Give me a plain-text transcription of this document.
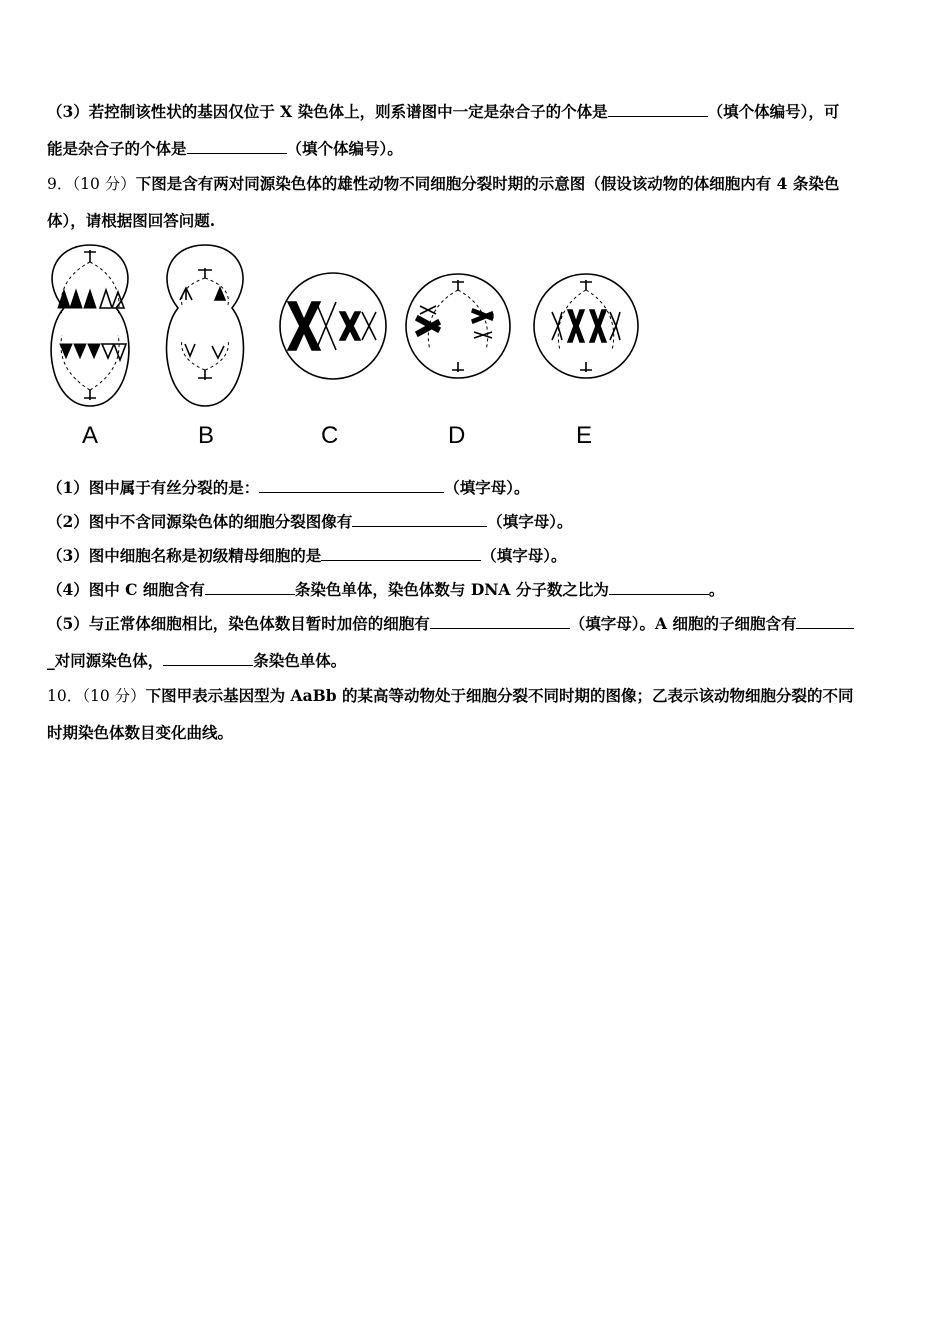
（3）若控制该性状的基因仅位于 X 染色体上，则系谱图中一定是杂合子的个体是	（填个体编号），可
能是杂合子的个体是	（填个体编号）。
9．（10 分）下图是含有两对同源染色体的雄性动物不同细胞分裂时期的示意图（假设该动物的体细胞内有 4 条染色
体），请根据图回答问题.
A	B	C	D	E
（1）图中属于有丝分裂的是：	（填字母）。
（2）图中不含同源染色体的细胞分裂图像有	（填字母）。
（3）图中细胞名称是初级精母细胞的是	（填字母）。
（4）图中 C 细胞含有	条染色单体，染色体数与 DNA 分子数之比为	。
（5）与正常体细胞相比，染色体数目暂时加倍的细胞有	（填字母）。A 细胞的子细胞含有
_对同源染色体，	条染色单体。
10．（10 分）下图甲表示基因型为 AaBb 的某高等动物处于细胞分裂不同时期的图像；乙表示该动物细胞分裂的不同
时期染色体数目变化曲线。
